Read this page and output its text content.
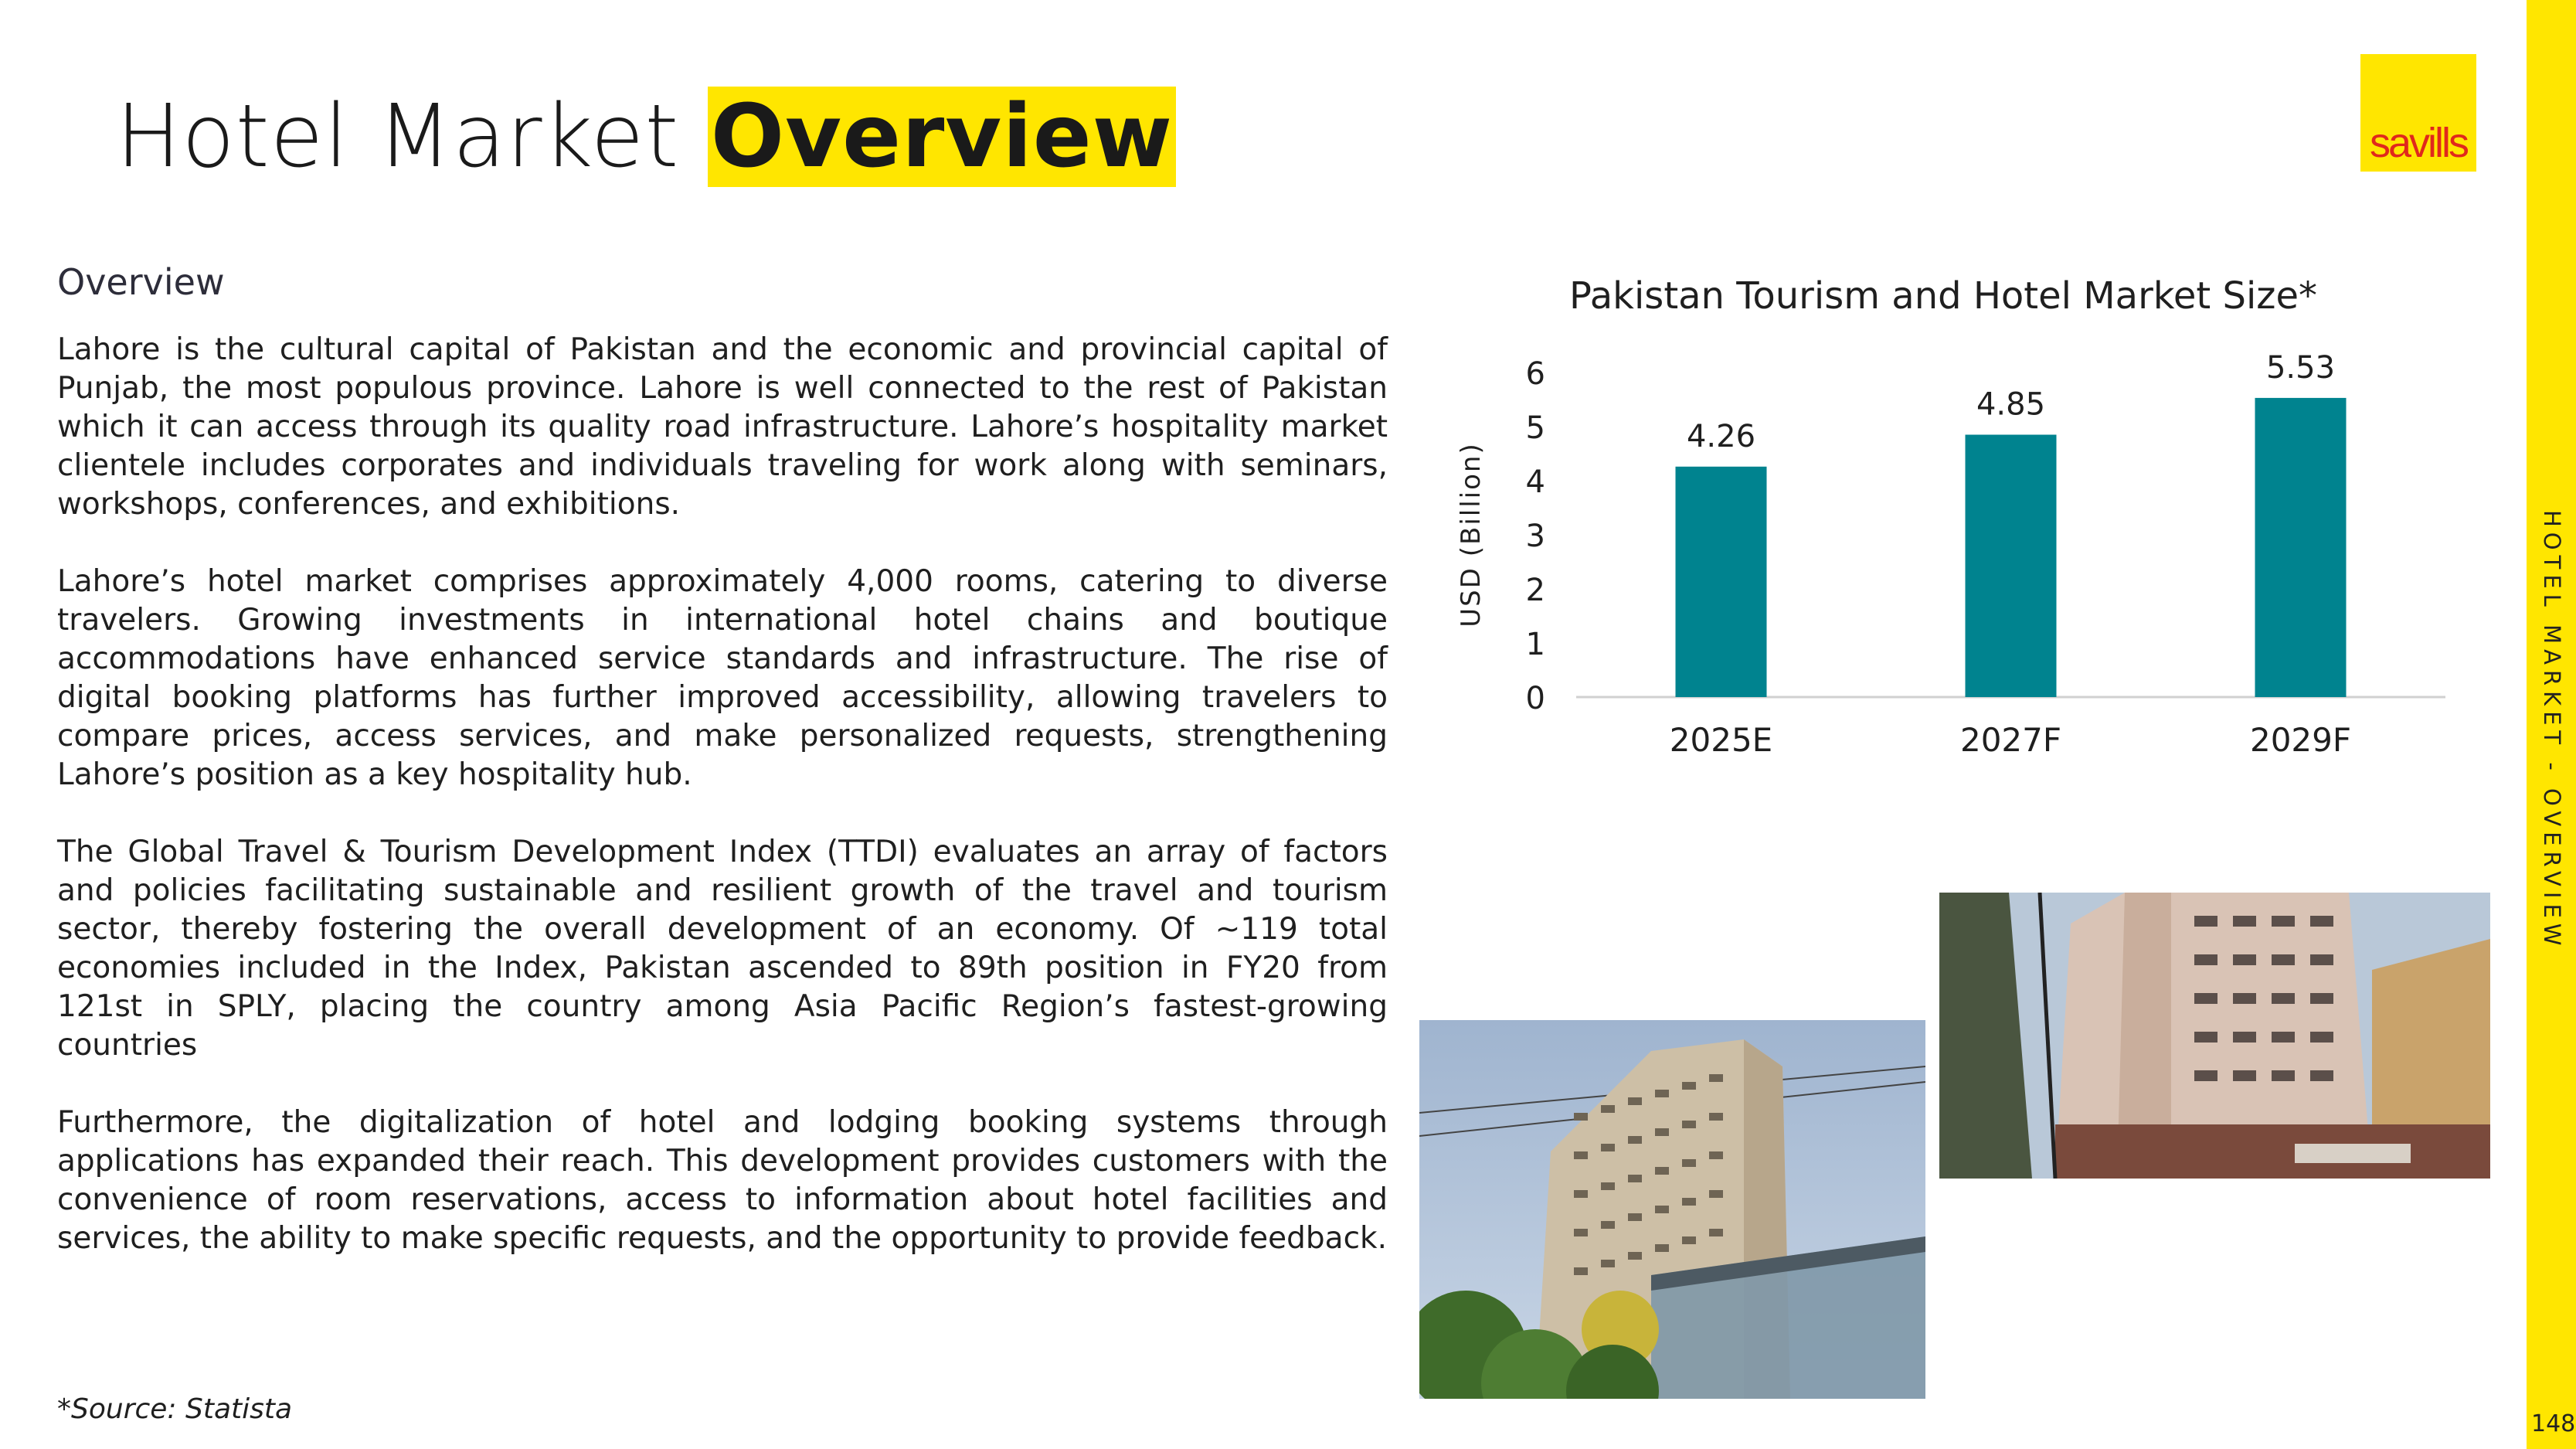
Hotel Market Overview	savills
HOTEL MARKET - OVERVIEW
148
Overview

Lahore is the cultural capital of Pakistan and the economic and provincial capital of Punjab, the most populous province. Lahore is well connected to the rest of Pakistan which it can access through its quality road infrastructure. Lahore’s hospitality market clientele includes corporates and individuals traveling for work along with seminars, workshops, conferences, and exhibitions.

Lahore’s hotel market comprises approximately 4,000 rooms, catering to diverse travelers. Growing investments in international hotel chains and boutique accommodations have enhanced service standards and infrastructure. The rise of digital booking platforms has further improved accessibility, allowing travelers to compare prices, access services, and make personalized requests, strengthening Lahore’s position as a key hospitality hub.

The Global Travel & Tourism Development Index (TTDI) evaluates an array of factors and policies facilitating sustainable and resilient growth of the travel and tourism sector, thereby fostering the overall development of an economy. Of ~119 total economies included in the Index, Pakistan ascended to 89th position in FY20 from 121st in SPLY, placing the country among Asia Pacific Region’s fastest-growing countries

Furthermore, the digitalization of hotel and lodging booking systems through applications has expanded their reach. This development provides customers with the convenience of room reservations, access to information about hotel facilities and services, the ability to make specific requests, and the opportunity to provide feedback.

*Source: Statista
Pakistan Tourism and Hotel Market Size*
0
1
2
3
4
5
6
USD (Billion)
4.26
2025E
4.85
2027F
5.53
2029F
